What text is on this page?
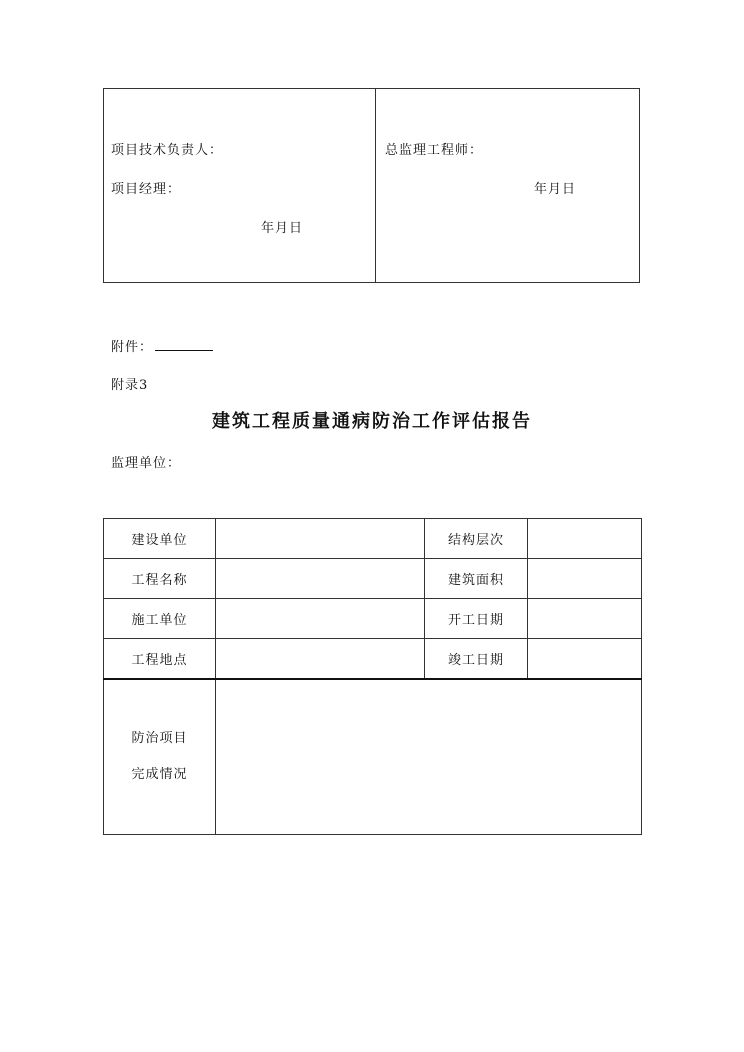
项目技术负责人：
项目经理：
年月日
总监理工程师：
年月日
附件：
附录3
建筑工程质量通病防治工作评估报告
监理单位：
建设单位		结构层次	
工程名称		建筑面积	
施工单位		开工日期	
工程地点		竣工日期	

防治项目
完成情况			
